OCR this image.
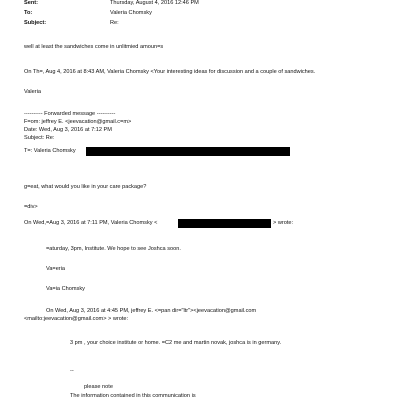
Sent:	Thursday, August 4, 2016 12:46 PM
To:	Valeria Chomsky
Subject:	Re:
well at least the sandwiches come in unlitmied amoun=s
On Th=, Aug 4, 2016 at 8:43 AM, Valeria Chomsky <Your interesting ideas for discussion and a couple of sandwiches.
Valeria
---------- Forwarded message ----------
F=om: jeffrey E. <jeevacation@gmail.c=m>
Date: Wed, Aug 3, 2016 at 7:12 PM
Subject: Re:
T=: Valeria Chomsky
g=eat, what would you like in your care package?
=div>
On Wed,=Aug 3, 2016 at 7:11 PM, Valeria Chomsky <	> wrote:
=aturday, 3pm, Institute. We hope to see Joshca soon.
Va=eria
Va=ia Chomsky
On Wed, Aug 3, 2016 at 4:45 PM, jeffrey E. <=pan dir="ltr"><jeevacation@gmail.com
<mailto:jeevacation@gmail.com> > wrote:
3 pm , your choice institute or home. =C2 me and martin novak, joshca is in germany.
--
please note
The information contained in this communication is
